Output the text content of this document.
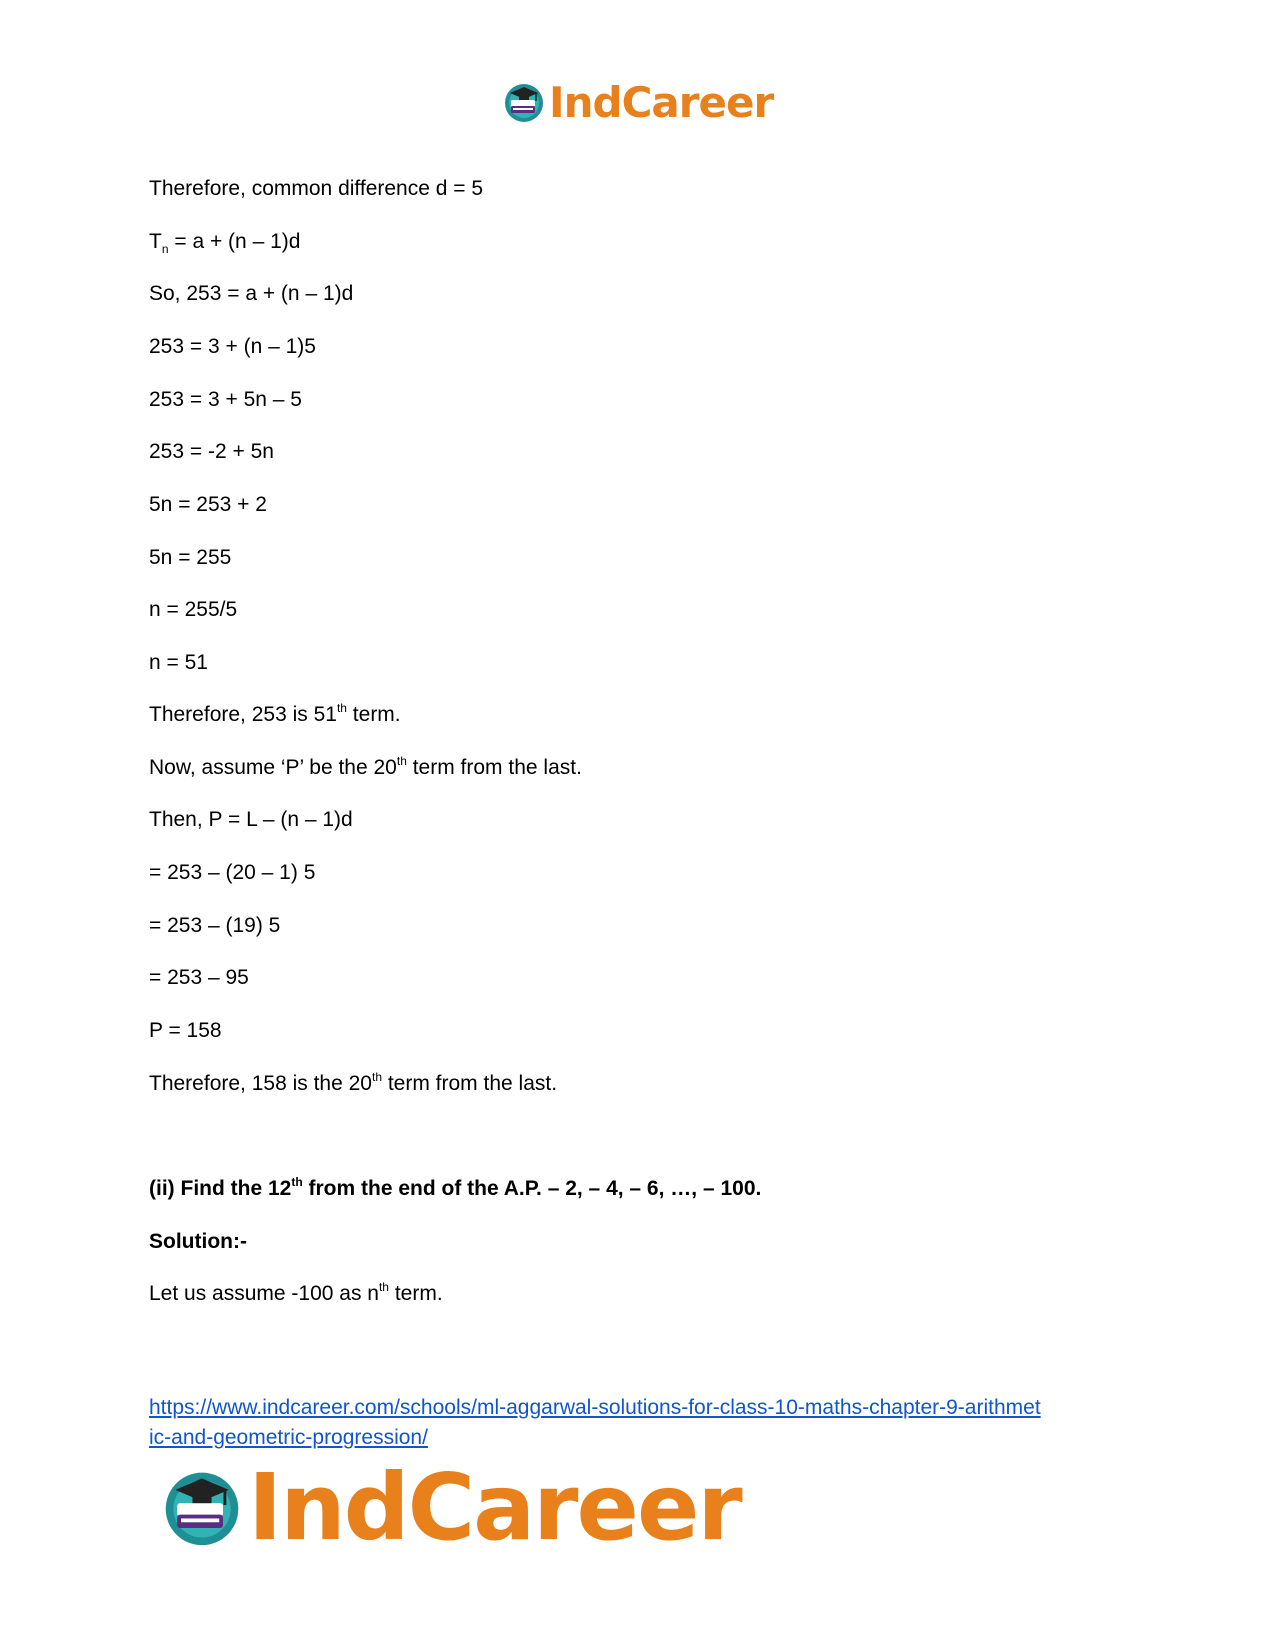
IndCareer
Therefore, common difference d = 5
$T_n = a + (n - 1)d$
So, 253 = a + (n – 1)d
253 = 3 + (n – 1)5
253 = 3 + 5n – 5
253 = -2 + 5n
5n = 253 + 2
5n = 255
n = 255/5
n = 51
Therefore, 253 is 51th term.
Now, assume ‘P’ be the 20th term from the last.
Then, P = L – (n – 1)d
= 253 – (20 – 1) 5
= 253 – (19) 5
= 253 – 95
P = 158
Therefore, 158 is the 20th term from the last.
(ii) Find the 12th from the end of the A.P. – 2, – 4, – 6, …, – 100.
Solution:-
Let us assume -100 as $n^{th}$ term.
https://www.indcareer.com/schools/ml-aggarwal-solutions-for-class-10-maths-chapter-9-arithmet
ic-and-geometric-progression/
IndCareer
